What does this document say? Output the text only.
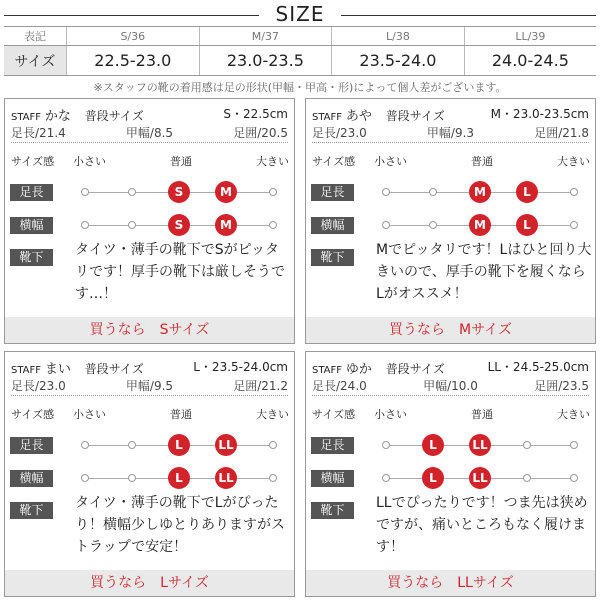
SIZE
表記	S/36	M/37	L/38	LL/39
サイズ	22.5-23.0	23.0-23.5	23.5-24.0	24.0-24.5
※スタッフの靴の着用感は足の形状(甲幅・甲高・形)によって個人差がございます。
STAFF かな 普段サイズ	S・22.5cm
足長/21.4	甲幅/8.5	足囲/20.5
サイズ感 小さい	普通	大きい
足長
横幅
靴下	タイツ・薄手の靴下でSがピッタリです！厚手の靴下は厳しそうです…！
買うなら　Sサイズ
S	M
S	M
STAFF あや 普段サイズ	M・23.0-23.5cm
足長/23.0	甲幅/9.3	足囲/21.8
サイズ感 小さい	普通	大きい
足長
横幅
靴下	Mでピッタリです！Lはひと回り大きいので、厚手の靴下を履くならLがオススメ！
買うなら　Mサイズ
M	L
M	L
STAFF まい 普段サイズ	L・23.5-24.0cm
足長/23.0	甲幅/9.5	足囲/21.2
サイズ感 小さい	普通	大きい
足長
横幅
靴下	タイツ・薄手の靴下でLがぴったり！横幅少しゆとりありますがストラップで安定！
買うなら　Lサイズ
L	LL
L	LL
STAFF ゆか 普段サイズ	LL・24.5-25.0cm
足長/24.0	甲幅/10.0	足囲/23.5
サイズ感 小さい	普通	大きい
足長
横幅
靴下	LLでぴったりです！つま先は狭めですが、痛いところもなく履けます！
買うなら　LLサイズ
L	LL
L	LL
